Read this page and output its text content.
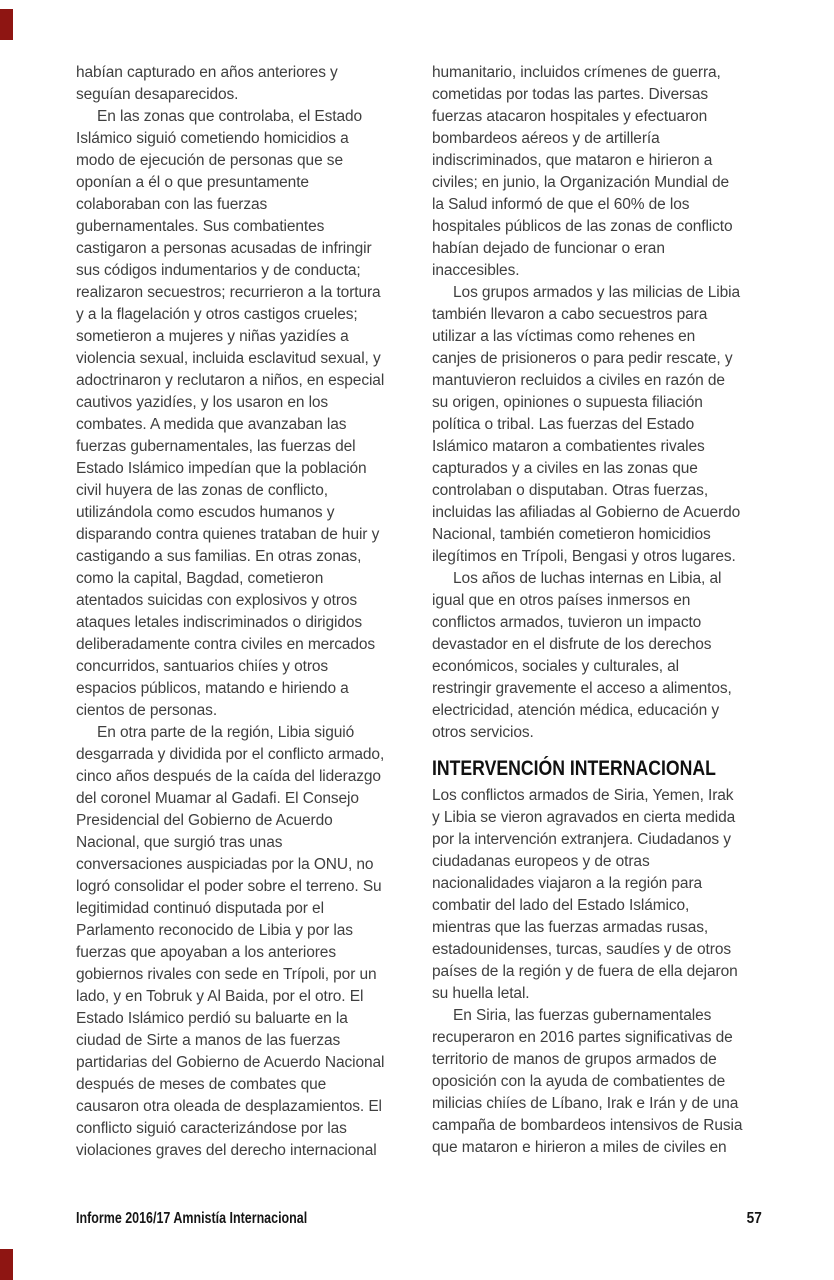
habían capturado en años anteriores y
seguían desaparecidos.
En las zonas que controlaba, el Estado
Islámico siguió cometiendo homicidios a
modo de ejecución de personas que se
oponían a él o que presuntamente
colaboraban con las fuerzas
gubernamentales. Sus combatientes
castigaron a personas acusadas de infringir
sus códigos indumentarios y de conducta;
realizaron secuestros; recurrieron a la tortura
y a la flagelación y otros castigos crueles;
sometieron a mujeres y niñas yazidíes a
violencia sexual, incluida esclavitud sexual, y
adoctrinaron y reclutaron a niños, en especial
cautivos yazidíes, y los usaron en los
combates. A medida que avanzaban las
fuerzas gubernamentales, las fuerzas del
Estado Islámico impedían que la población
civil huyera de las zonas de conflicto,
utilizándola como escudos humanos y
disparando contra quienes trataban de huir y
castigando a sus familias. En otras zonas,
como la capital, Bagdad, cometieron
atentados suicidas con explosivos y otros
ataques letales indiscriminados o dirigidos
deliberadamente contra civiles en mercados
concurridos, santuarios chiíes y otros
espacios públicos, matando e hiriendo a
cientos de personas.
En otra parte de la región, Libia siguió
desgarrada y dividida por el conflicto armado,
cinco años después de la caída del liderazgo
del coronel Muamar al Gadafi. El Consejo
Presidencial del Gobierno de Acuerdo
Nacional, que surgió tras unas
conversaciones auspiciadas por la ONU, no
logró consolidar el poder sobre el terreno. Su
legitimidad continuó disputada por el
Parlamento reconocido de Libia y por las
fuerzas que apoyaban a los anteriores
gobiernos rivales con sede en Trípoli, por un
lado, y en Tobruk y Al Baida, por el otro. El
Estado Islámico perdió su baluarte en la
ciudad de Sirte a manos de las fuerzas
partidarias del Gobierno de Acuerdo Nacional
después de meses de combates que
causaron otra oleada de desplazamientos. El
conflicto siguió caracterizándose por las
violaciones graves del derecho internacional
humanitario, incluidos crímenes de guerra,
cometidas por todas las partes. Diversas
fuerzas atacaron hospitales y efectuaron
bombardeos aéreos y de artillería
indiscriminados, que mataron e hirieron a
civiles; en junio, la Organización Mundial de
la Salud informó de que el 60% de los
hospitales públicos de las zonas de conflicto
habían dejado de funcionar o eran
inaccesibles.
Los grupos armados y las milicias de Libia
también llevaron a cabo secuestros para
utilizar a las víctimas como rehenes en
canjes de prisioneros o para pedir rescate, y
mantuvieron recluidos a civiles en razón de
su origen, opiniones o supuesta filiación
política o tribal. Las fuerzas del Estado
Islámico mataron a combatientes rivales
capturados y a civiles en las zonas que
controlaban o disputaban. Otras fuerzas,
incluidas las afiliadas al Gobierno de Acuerdo
Nacional, también cometieron homicidios
ilegítimos en Trípoli, Bengasi y otros lugares.
Los años de luchas internas en Libia, al
igual que en otros países inmersos en
conflictos armados, tuvieron un impacto
devastador en el disfrute de los derechos
económicos, sociales y culturales, al
restringir gravemente el acceso a alimentos,
electricidad, atención médica, educación y
otros servicios.
INTERVENCIÓN INTERNACIONAL
Los conflictos armados de Siria, Yemen, Irak
y Libia se vieron agravados en cierta medida
por la intervención extranjera. Ciudadanos y
ciudadanas europeos y de otras
nacionalidades viajaron a la región para
combatir del lado del Estado Islámico,
mientras que las fuerzas armadas rusas,
estadounidenses, turcas, saudíes y de otros
países de la región y de fuera de ella dejaron
su huella letal.
En Siria, las fuerzas gubernamentales
recuperaron en 2016 partes significativas de
territorio de manos de grupos armados de
oposición con la ayuda de combatientes de
milicias chiíes de Líbano, Irak e Irán y de una
campaña de bombardeos intensivos de Rusia
que mataron e hirieron a miles de civiles en
Informe 2016/17 Amnistía Internacional	57
